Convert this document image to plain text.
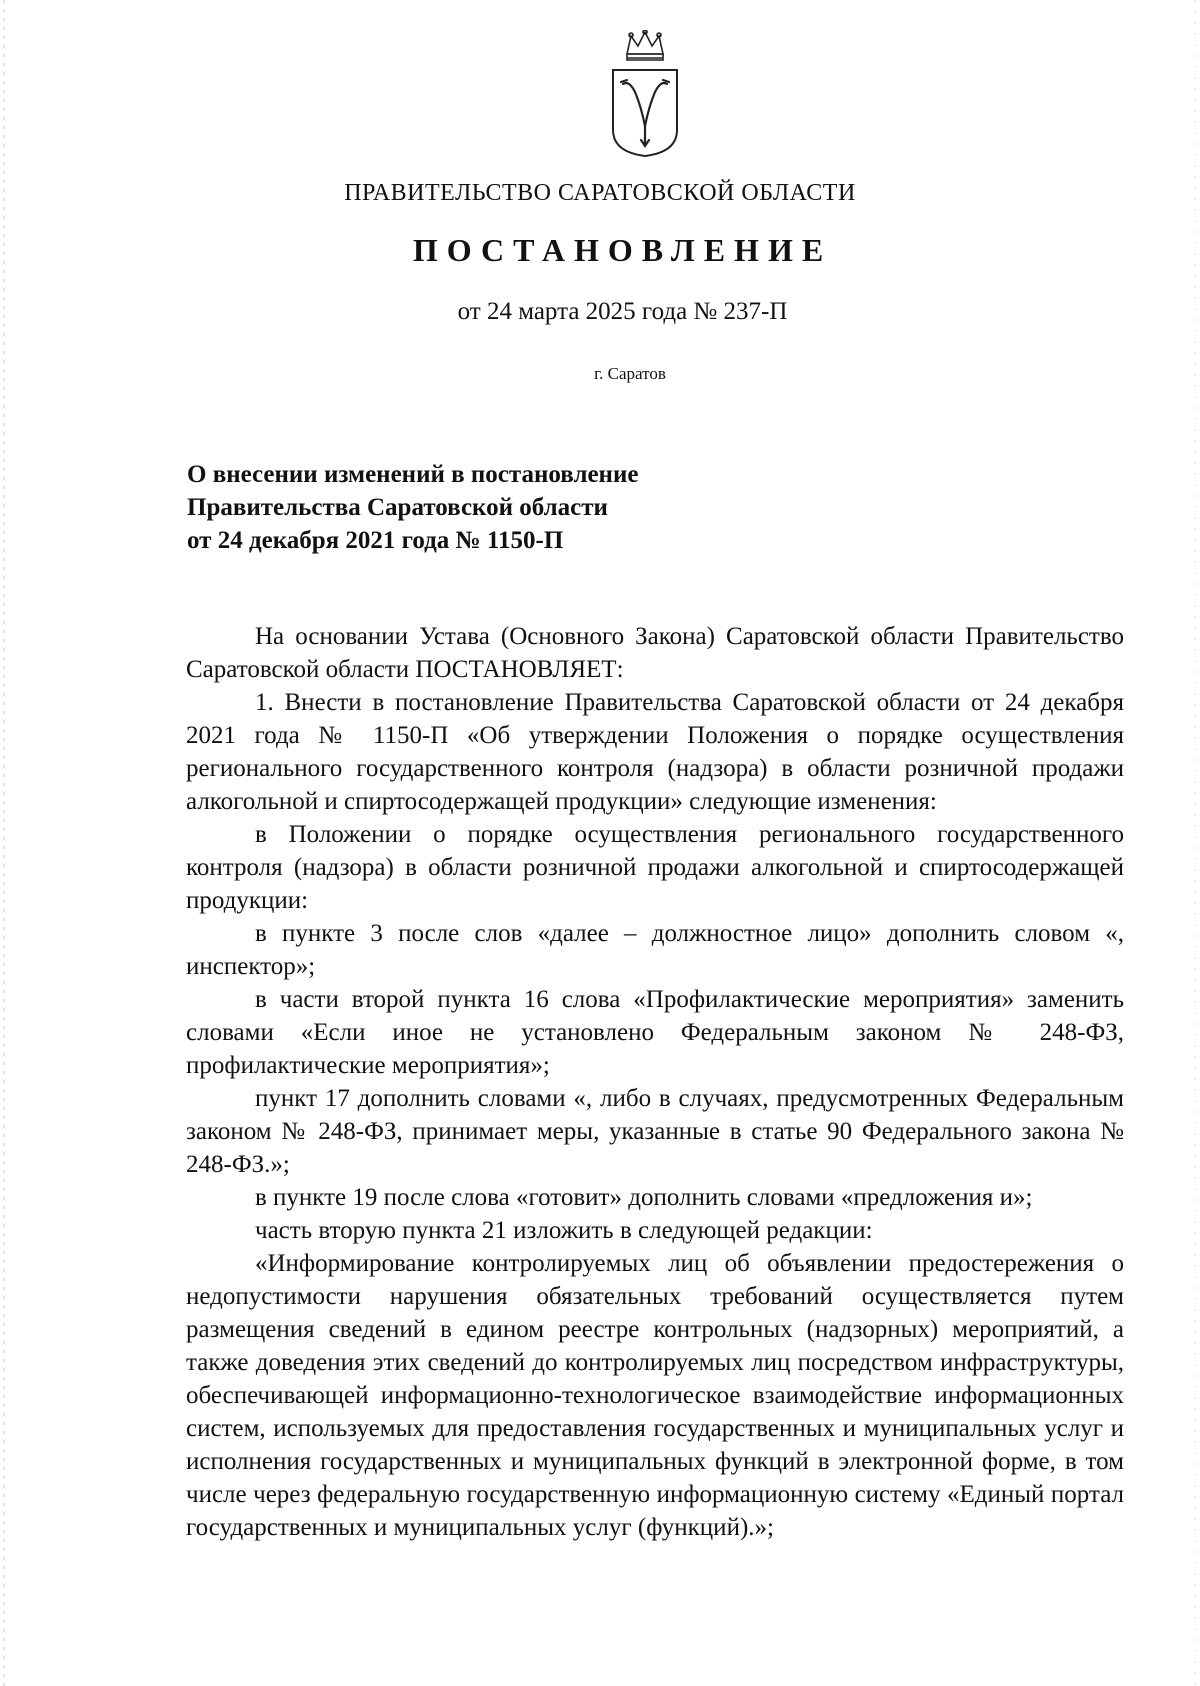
ПРАВИТЕЛЬСТВО САРАТОВСКОЙ ОБЛАСТИ
ПОСТАНОВЛЕНИЕ
от 24 марта 2025 года № 237-П
г. Саратов
О внесении изменений в постановление
Правительства Саратовской области
от 24 декабря 2021 года № 1150-П

На основании Устава (Основного Закона) Саратовской области Правительство Саратовской области ПОСТАНОВЛЯЕТ:

1. Внести в постановление Правительства Саратовской области от 24 декабря 2021 года № 1150-П «Об утверждении Положения о порядке осуществления регионального государственного контроля (надзора) в области розничной продажи алкогольной и спиртосодержащей продукции» следующие изменения:

в Положении о порядке осуществления регионального государственного контроля (надзора) в области розничной продажи алкогольной и спиртосодержащей продукции:

в пункте 3 после слов «далее – должностное лицо» дополнить словом «, инспектор»;

в части второй пункта 16 слова «Профилактические мероприятия» заменить словами «Если иное не установлено Федеральным законом № 248-ФЗ, профилактические мероприятия»;

пункт 17 дополнить словами «, либо в случаях, предусмотренных Федеральным законом № 248-ФЗ, принимает меры, указанные в статье 90 Федерального закона № 248-ФЗ.»;

в пункте 19 после слова «готовит» дополнить словами «предложения и»;

часть вторую пункта 21 изложить в следующей редакции:

«Информирование контролируемых лиц об объявлении предостережения о недопустимости нарушения обязательных требований осуществляется путем размещения сведений в едином реестре контрольных (надзорных) мероприятий, а также доведения этих сведений до контролируемых лиц посредством инфраструктуры, обеспечивающей информационно-технологическое взаимодействие информационных систем, используемых для предоставления государственных и муниципальных услуг и исполнения государственных и муниципальных функций в электронной форме, в том числе через федеральную государственную информационную систему «Единый портал государственных и муниципальных услуг (функций).»;
